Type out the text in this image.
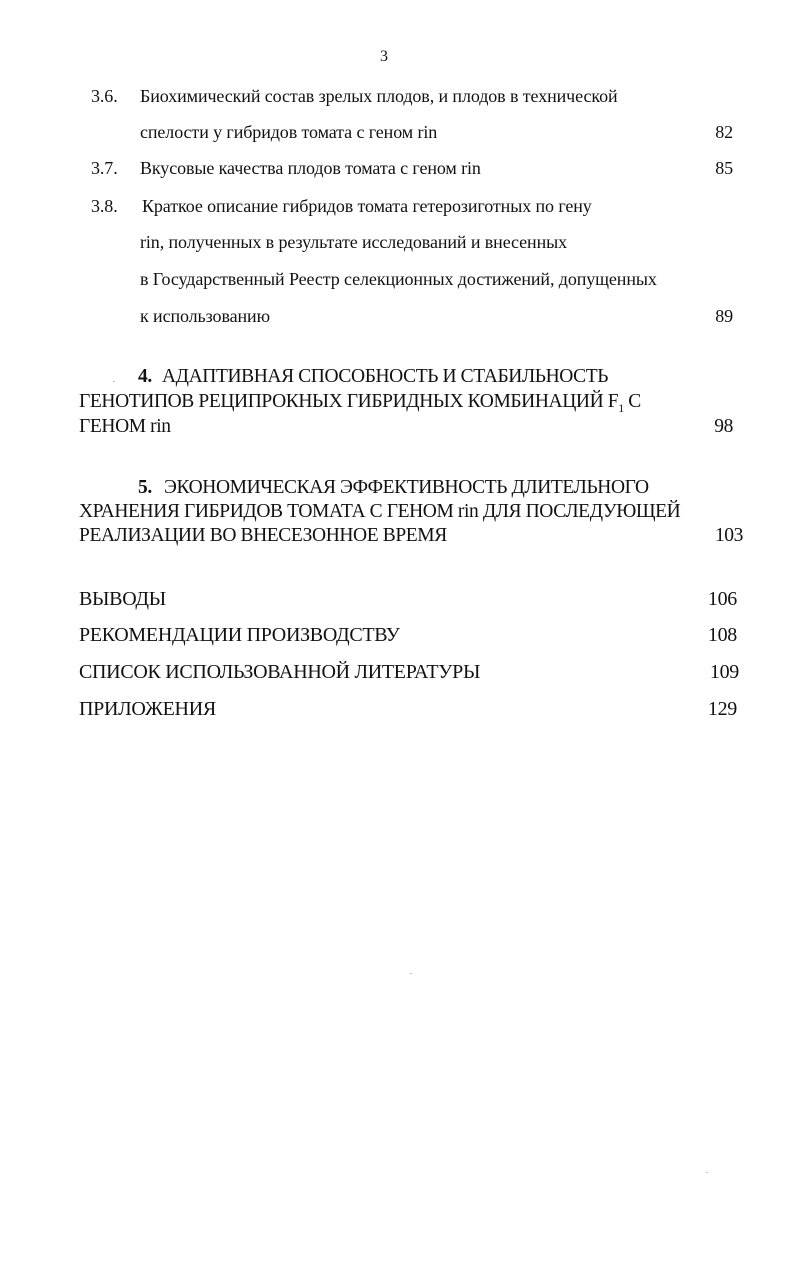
3
3.6. Биохимический состав зрелых плодов, и плодов в технической
спелости у гибридов томата с геном rin	82
3.7. Вкусовые качества плодов томата с геном rin	85
3.8. Краткое описание гибридов томата гетерозиготных по гену
rin, полученных в результате исследований и внесенных
в Государственный Реестр селекционных достижений, допущенных
к использованию	89
4. АДАПТИВНАЯ СПОСОБНОСТЬ И СТАБИЛЬНОСТЬ
ГЕНОТИПОВ РЕЦИПРОКНЫХ ГИБРИДНЫХ КОМБИНАЦИЙ $F_1$ С
ГЕНОМ rin	98
5. ЭКОНОМИЧЕСКАЯ ЭФФЕКТИВНОСТЬ ДЛИТЕЛЬНОГО
ХРАНЕНИЯ ГИБРИДОВ ТОМАТА С ГЕНОМ rin ДЛЯ ПОСЛЕДУЮЩЕЙ
РЕАЛИЗАЦИИ ВО ВНЕСЕЗОННОЕ ВРЕМЯ	103
ВЫВОДЫ	106
РЕКОМЕНДАЦИИ ПРОИЗВОДСТВУ	108
СПИСОК ИСПОЛЬЗОВАННОЙ ЛИТЕРАТУРЫ	109
ПРИЛОЖЕНИЯ	129
